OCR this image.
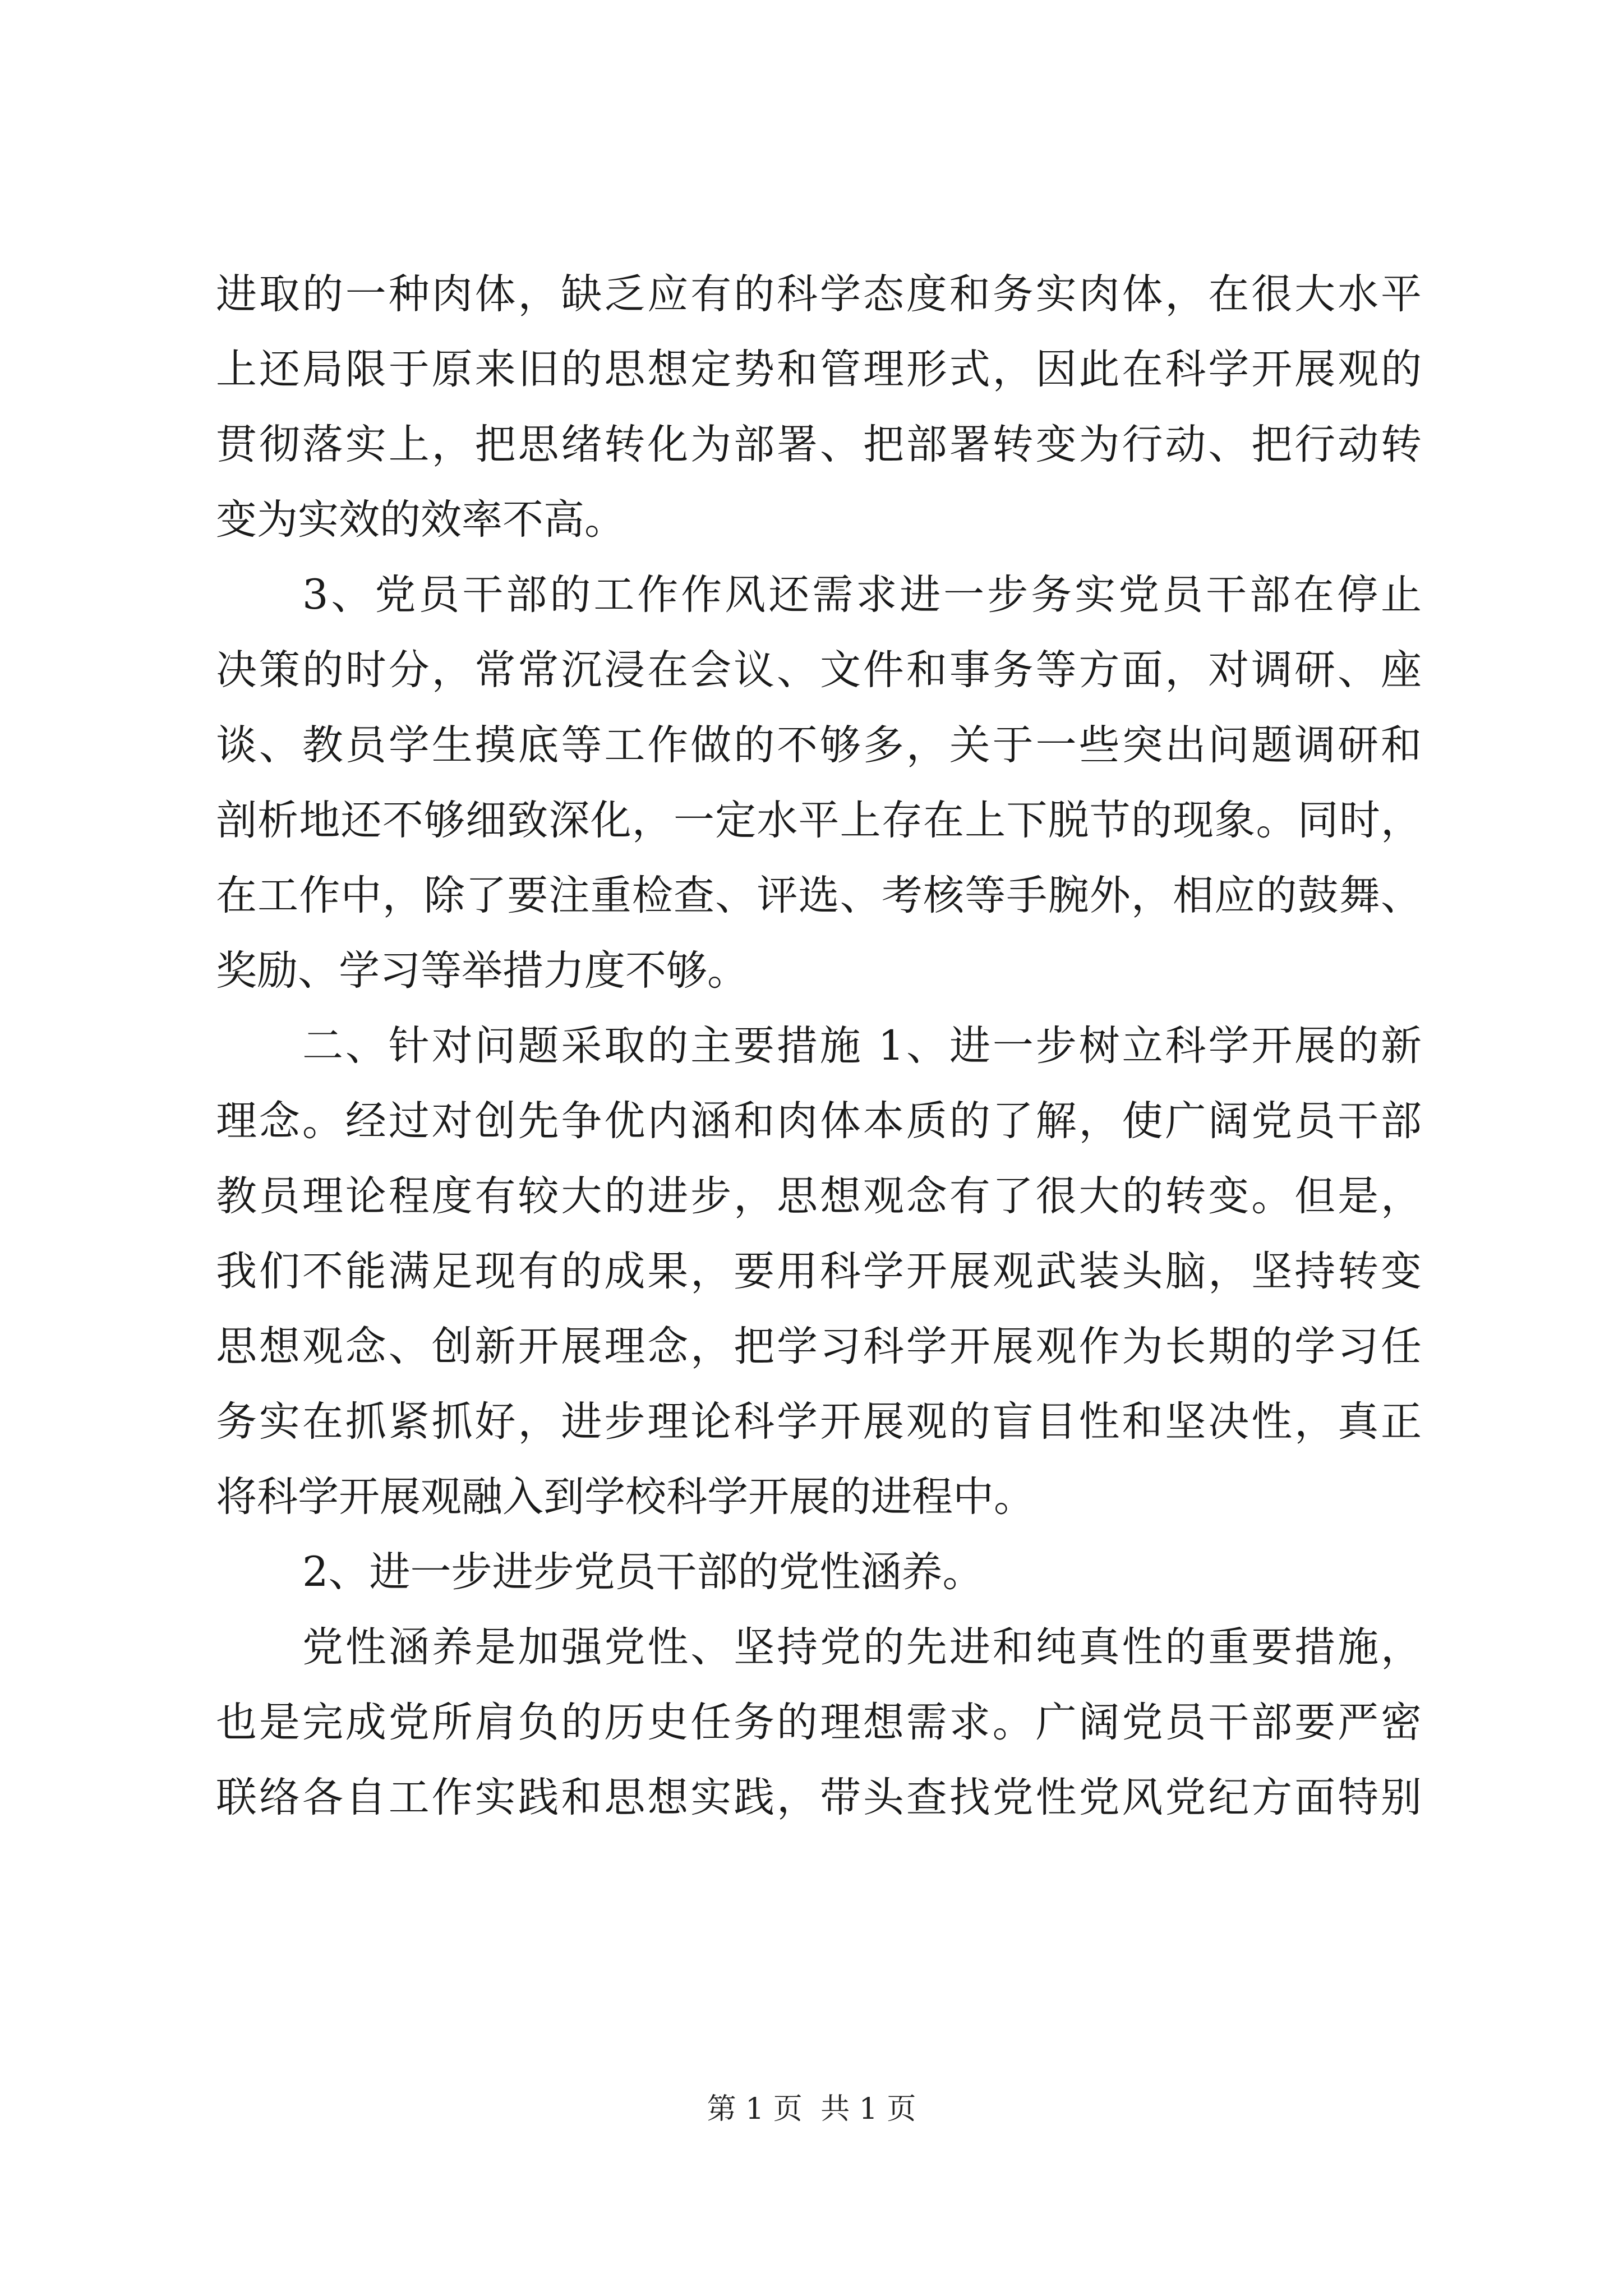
进取的一种肉体，缺乏应有的科学态度和务实肉体，在很大水平
上还局限于原来旧的思想定势和管理形式，因此在科学开展观的
贯彻落实上，把思绪转化为部署、把部署转变为行动、把行动转
变为实效的效率不高。
3、党员干部的工作作风还需求进一步务实党员干部在停止
决策的时分，常常沉浸在会议、文件和事务等方面，对调研、座
谈、教员学生摸底等工作做的不够多，关于一些突出问题调研和
剖析地还不够细致深化，一定水平上存在上下脱节的现象。同时，
在工作中，除了要注重检查、评选、考核等手腕外，相应的鼓舞、
奖励、学习等举措力度不够。
二、针对问题采取的主要措施 1、进一步树立科学开展的新
理念。经过对创先争优内涵和肉体本质的了解，使广阔党员干部
教员理论程度有较大的进步，思想观念有了很大的转变。但是，
我们不能满足现有的成果，要用科学开展观武装头脑，坚持转变
思想观念、创新开展理念，把学习科学开展观作为长期的学习任
务实在抓紧抓好，进步理论科学开展观的盲目性和坚决性，真正
将科学开展观融入到学校科学开展的进程中。
2、进一步进步党员干部的党性涵养。
党性涵养是加强党性、坚持党的先进和纯真性的重要措施，
也是完成党所肩负的历史任务的理想需求。广阔党员干部要严密
联络各自工作实践和思想实践，带头查找党性党风党纪方面特别
第 1 页 共 1 页
